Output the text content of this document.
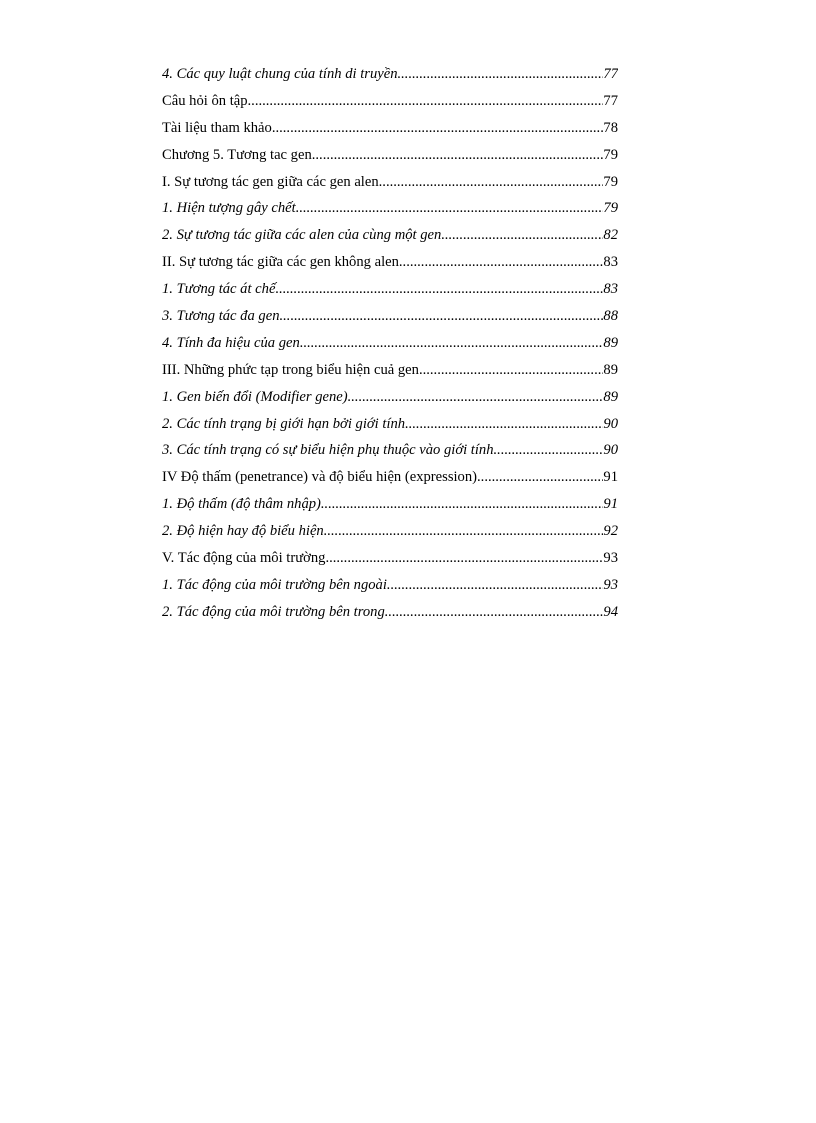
4. Các quy luật chung của tính di truyền .....	77
Câu hỏi ôn tập .....	77
Tài liệu tham khảo .....	78
Chương 5. Tương tac gen .....	79
I. Sự tương tác gen giữa các gen alen .....	79
1. Hiện tượng gây chết .....	79
2. Sự tương tác giữa các alen của cùng một gen .....	82
II. Sự tương tác giữa các gen không alen .....	83
1. Tương tác át chế .....	83
3. Tương tác đa gen .....	88
4. Tính đa hiệu của gen .....	89
III. Những phức tạp trong biểu hiện cuả gen .....	89
1. Gen biến đổi (Modifier gene) .....	89
2. Các tính trạng bị giới hạn bởi giới tính .....	90
3. Các tính trạng có sự biểu hiện phụ thuộc vào giới tính .....	90
IV Độ thấm (penetrance) và độ biểu hiện (expression) .....	91
1. Độ thấm (độ thâm nhập) .....	91
2. Độ hiện hay độ biểu hiện .....	92
V. Tác động của môi trường .....	93
1. Tác động của môi trường bên ngoài .....	93
2. Tác động của môi trường bên trong .....	94
